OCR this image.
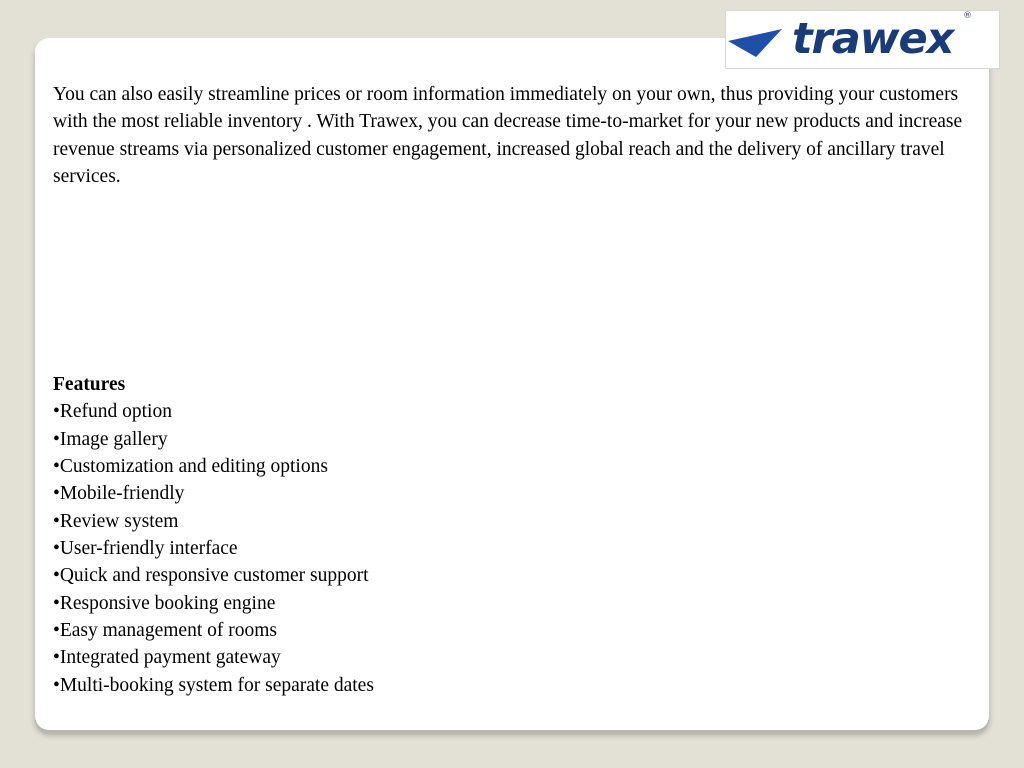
trawex ®

You can also easily streamline prices or room information immediately on your own, thus providing your customers with the most reliable inventory . With Trawex, you can decrease time-to-market for your new products and increase revenue streams via personalized customer engagement, increased global reach and the delivery of ancillary travel services.

Features
•Refund option
•Image gallery
•Customization and editing options
•Mobile-friendly
•Review system
•User-friendly interface
•Quick and responsive customer support
•Responsive booking engine
•Easy management of rooms
•Integrated payment gateway
•Multi-booking system for separate dates
